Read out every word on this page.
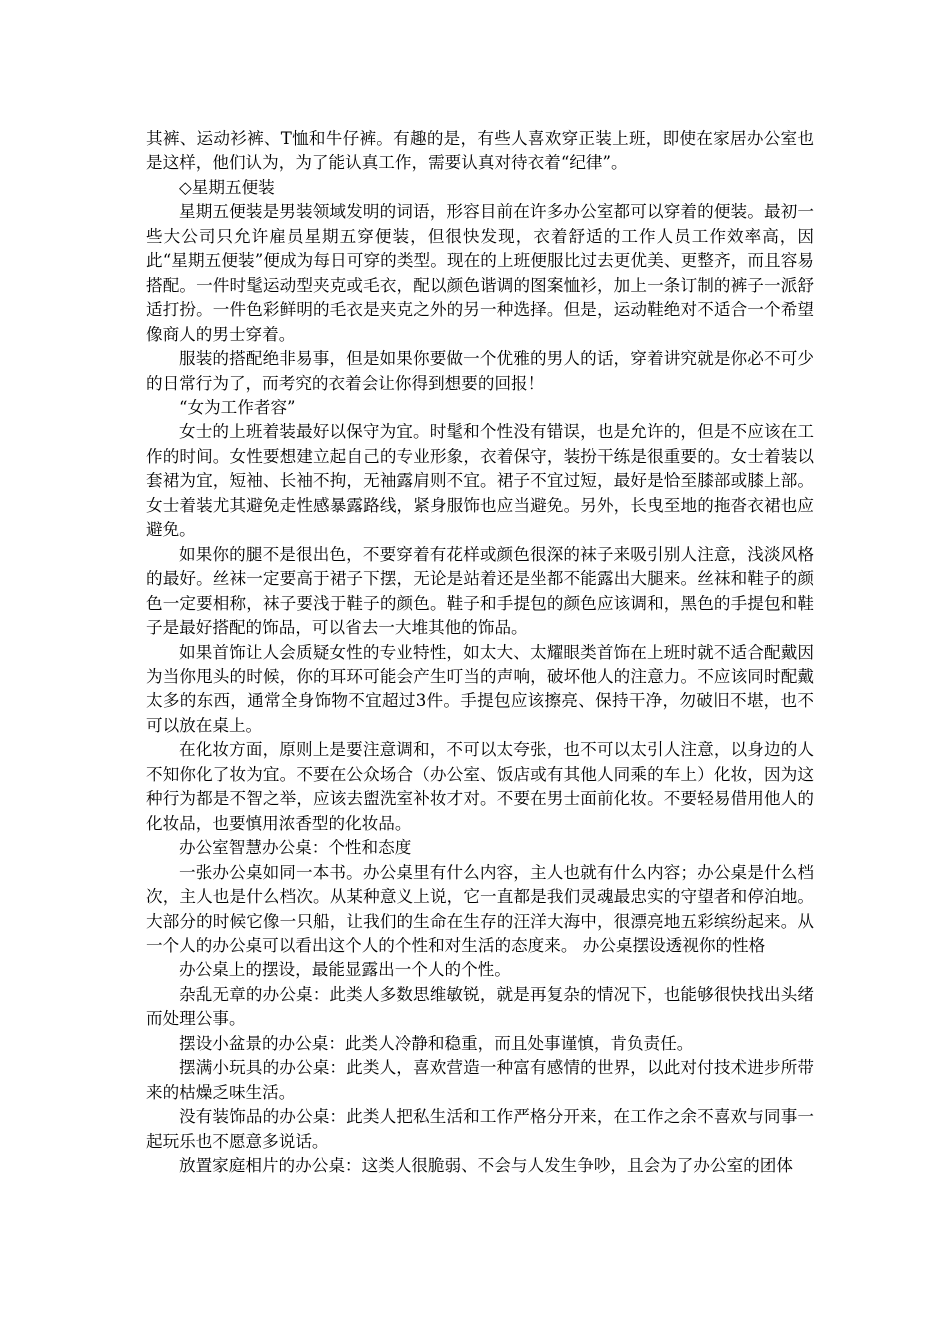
其裤、运动衫裤、T恤和牛仔裤。有趣的是，有些人喜欢穿正装上班，即使在家居办公室也是这样，他们认为，为了能认真工作，需要认真对待衣着“纪律”。

◇星期五便装

星期五便装是男装领域发明的词语，形容目前在许多办公室都可以穿着的便装。最初一些大公司只允许雇员星期五穿便装，但很快发现，衣着舒适的工作人员工作效率高，因此“星期五便装”便成为每日可穿的类型。现在的上班便服比过去更优美、更整齐，而且容易搭配。一件时髦运动型夹克或毛衣，配以颜色谐调的图案恤衫，加上一条订制的裤子一派舒适打扮。一件色彩鲜明的毛衣是夹克之外的另一种选择。但是，运动鞋绝对不适合一个希望像商人的男士穿着。

服装的搭配绝非易事，但是如果你要做一个优雅的男人的话，穿着讲究就是你必不可少的日常行为了，而考究的衣着会让你得到想要的回报！

“女为工作者容”

女士的上班着装最好以保守为宜。时髦和个性没有错误，也是允许的，但是不应该在工作的时间。女性要想建立起自己的专业形象，衣着保守，装扮干练是很重要的。女士着装以套裙为宜，短袖、长袖不拘，无袖露肩则不宜。裙子不宜过短，最好是恰至膝部或膝上部。女士着装尤其避免走性感暴露路线，紧身服饰也应当避免。另外，长曳至地的拖沓衣裙也应避免。

如果你的腿不是很出色，不要穿着有花样或颜色很深的袜子来吸引别人注意，浅淡风格的最好。丝袜一定要高于裙子下摆，无论是站着还是坐都不能露出大腿来。丝袜和鞋子的颜色一定要相称，袜子要浅于鞋子的颜色。鞋子和手提包的颜色应该调和，黑色的手提包和鞋子是最好搭配的饰品，可以省去一大堆其他的饰品。

如果首饰让人会质疑女性的专业特性，如太大、太耀眼类首饰在上班时就不适合配戴因为当你甩头的时候，你的耳环可能会产生叮当的声响，破坏他人的注意力。不应该同时配戴太多的东西，通常全身饰物不宜超过3件。手提包应该擦亮、保持干净，勿破旧不堪，也不可以放在桌上。

在化妆方面，原则上是要注意调和，不可以太夸张，也不可以太引人注意，以身边的人不知你化了妆为宜。不要在公众场合（办公室、饭店或有其他人同乘的车上）化妆，因为这种行为都是不智之举，应该去盥洗室补妆才对。不要在男士面前化妆。不要轻易借用他人的化妆品，也要慎用浓香型的化妆品。

办公室智慧办公桌：个性和态度

一张办公桌如同一本书。办公桌里有什么内容，主人也就有什么内容；办公桌是什么档次，主人也是什么档次。从某种意义上说，它一直都是我们灵魂最忠实的守望者和停泊地。大部分的时候它像一只船，让我们的生命在生存的汪洋大海中，很漂亮地五彩缤纷起来。从一个人的办公桌可以看出这个人的个性和对生活的态度来。 办公桌摆设透视你的性格

办公桌上的摆设，最能显露出一个人的个性。

杂乱无章的办公桌：此类人多数思维敏锐，就是再复杂的情况下，也能够很快找出头绪而处理公事。

摆设小盆景的办公桌：此类人冷静和稳重，而且处事谨慎，肯负责任。

摆满小玩具的办公桌：此类人，喜欢营造一种富有感情的世界，以此对付技术进步所带来的枯燥乏味生活。

没有装饰品的办公桌：此类人把私生活和工作严格分开来，在工作之余不喜欢与同事一起玩乐也不愿意多说话。

放置家庭相片的办公桌：这类人很脆弱、不会与人发生争吵，且会为了办公室的团体
